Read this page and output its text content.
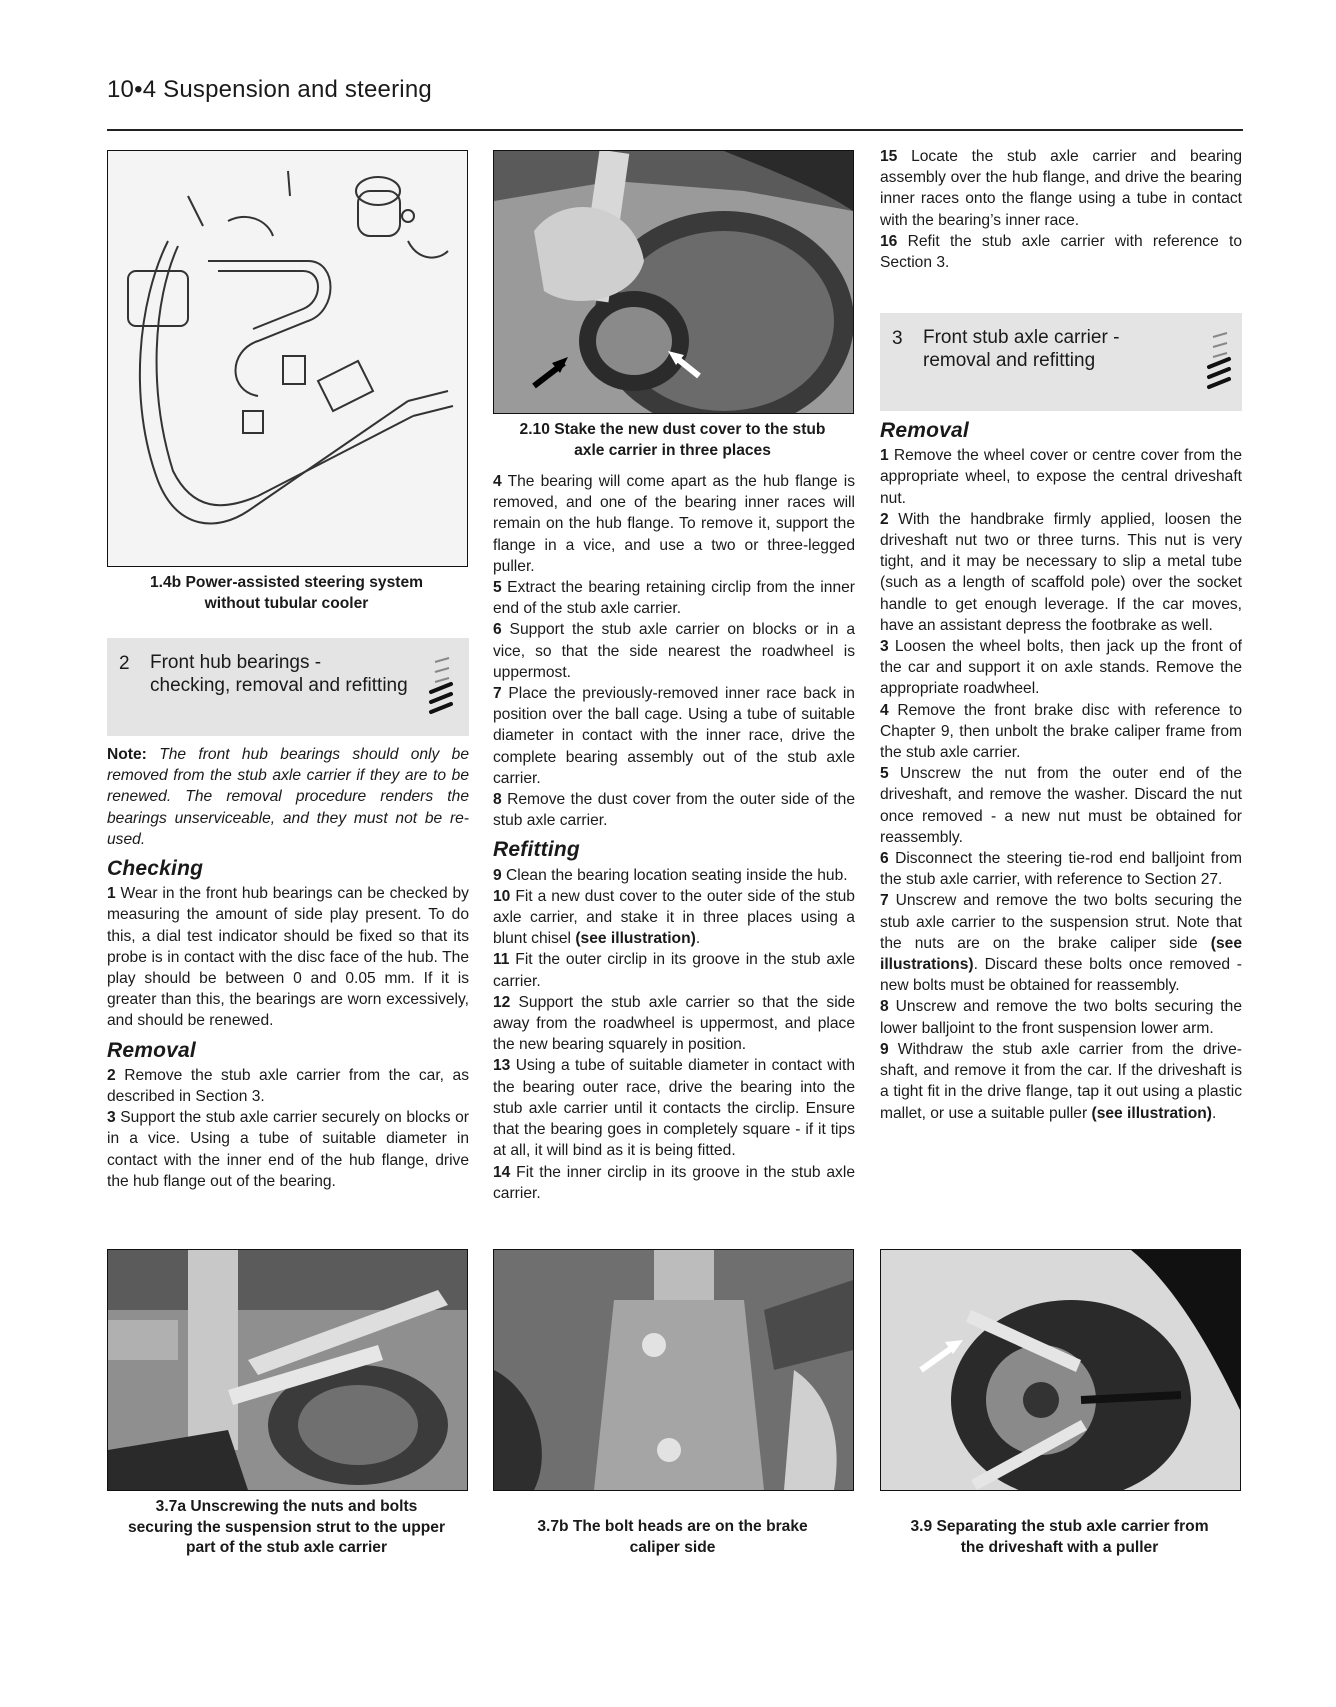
10•4 Suspension and steering
1.4b Power-assisted steering system
without tubular cooler
2 Front hub bearings -
checking, removal and refitting

Note: The front hub bearings should only be removed from the stub axle carrier if they are to be renewed. The removal procedure renders the bearings unserviceable, and they must not be re-used.

Checking

1 Wear in the front hub bearings can be checked by measuring the amount of side play present. To do this, a dial test indicator should be fixed so that its probe is in contact with the disc face of the hub. The play should be between 0 and 0.05 mm. If it is greater than this, the bearings are worn excessively, and should be renewed.

Removal

2 Remove the stub axle carrier from the car, as described in Section 3.

3 Support the stub axle carrier securely on blocks or in a vice. Using a tube of suitable diameter in contact with the inner end of the hub flange, drive the hub flange out of the bearing.

2.10 Stake the new dust cover to the stub
axle carrier in three places

4 The bearing will come apart as the hub flange is removed, and one of the bearing inner races will remain on the hub flange. To remove it, support the flange in a vice, and use a two or three-legged puller.

5 Extract the bearing retaining circlip from the inner end of the stub axle carrier.

6 Support the stub axle carrier on blocks or in a vice, so that the side nearest the roadwheel is uppermost.

7 Place the previously-removed inner race back in position over the ball cage. Using a tube of suitable diameter in contact with the inner race, drive the complete bearing assembly out of the stub axle carrier.

8 Remove the dust cover from the outer side of the stub axle carrier.

Refitting

9 Clean the bearing location seating inside the hub.

10 Fit a new dust cover to the outer side of the stub axle carrier, and stake it in three places using a blunt chisel (see illustration).

11 Fit the outer circlip in its groove in the stub axle carrier.

12 Support the stub axle carrier so that the side away from the roadwheel is uppermost, and place the new bearing squarely in position.

13 Using a tube of suitable diameter in contact with the bearing outer race, drive the bearing into the stub axle carrier until it contacts the circlip. Ensure that the bearing goes in completely square - if it tips at all, it will bind as it is being fitted.

14 Fit the inner circlip in its groove in the stub axle carrier.

15 Locate the stub axle carrier and bearing assembly over the hub flange, and drive the bearing inner races onto the flange using a tube in contact with the bearing’s inner race.

16 Refit the stub axle carrier with reference to Section 3.

3 Front stub axle carrier -
removal and refitting
Removal

1 Remove the wheel cover or centre cover from the appropriate wheel, to expose the central driveshaft nut.

2 With the handbrake firmly applied, loosen the driveshaft nut two or three turns. This nut is very tight, and it may be necessary to slip a metal tube (such as a length of scaffold pole) over the socket handle to get enough leverage. If the car moves, have an assistant depress the footbrake as well.

3 Loosen the wheel bolts, then jack up the front of the car and support it on axle stands. Remove the appropriate roadwheel.

4 Remove the front brake disc with reference to Chapter 9, then unbolt the brake caliper frame from the stub axle carrier.

5 Unscrew the nut from the outer end of the driveshaft, and remove the washer. Discard the nut once removed - a new nut must be obtained for reassembly.

6 Disconnect the steering tie-rod end balljoint from the stub axle carrier, with reference to Section 27.

7 Unscrew and remove the two bolts securing the stub axle carrier to the suspension strut. Note that the nuts are on the brake caliper side (see illustrations). Discard these bolts once removed - new bolts must be obtained for reassembly.

8 Unscrew and remove the two bolts securing the lower balljoint to the front suspension lower arm.

9 Withdraw the stub axle carrier from the drive-shaft, and remove it from the car. If the driveshaft is a tight fit in the drive flange, tap it out using a plastic mallet, or use a suitable puller (see illustration).

3.7a Unscrewing the nuts and bolts
securing the suspension strut to the upper
part of the stub axle carrier
3.7b The bolt heads are on the brake
caliper side
3.9 Separating the stub axle carrier from
the driveshaft with a puller
